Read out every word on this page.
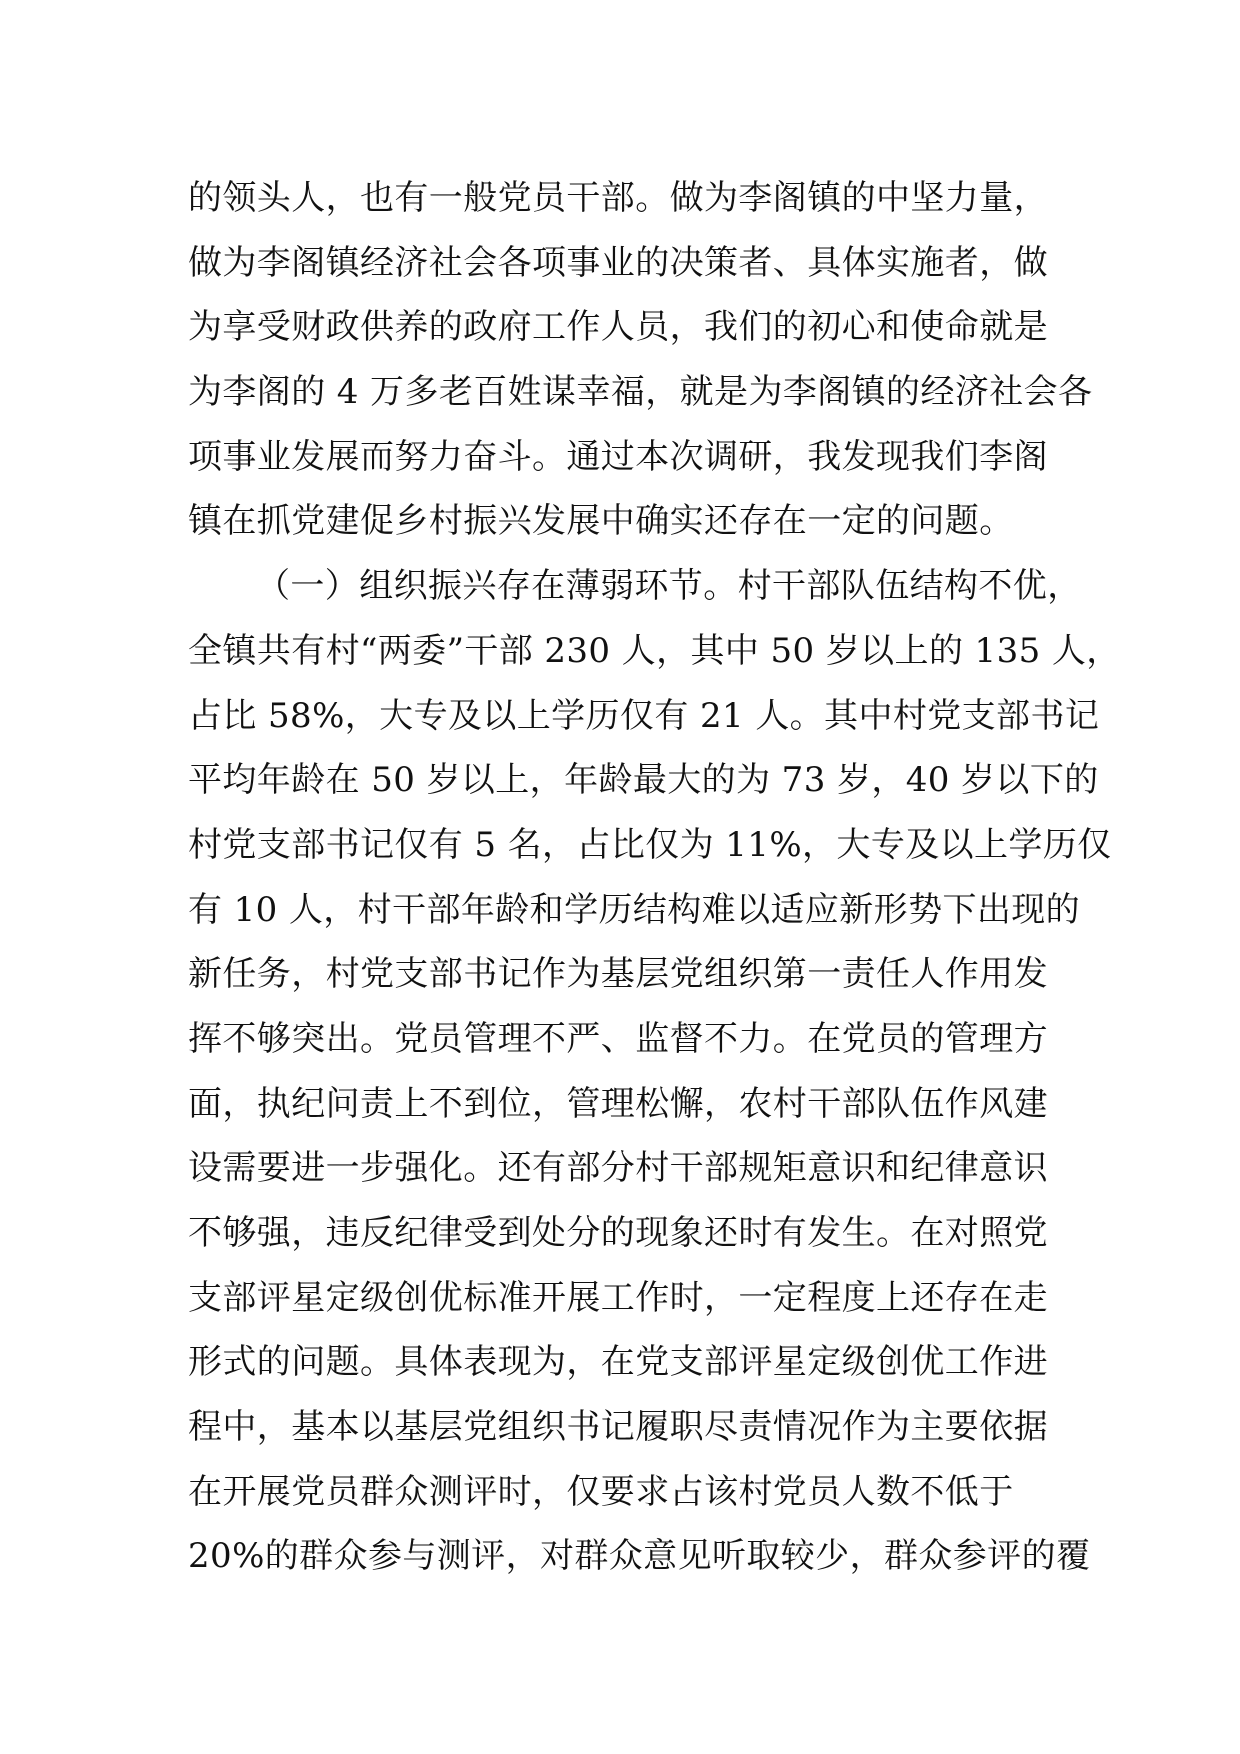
的领头人，也有一般党员干部。做为李阁镇的中坚力量，
做为李阁镇经济社会各项事业的决策者、具体实施者，做
为享受财政供养的政府工作人员，我们的初心和使命就是
为李阁的 4 万多老百姓谋幸福，就是为李阁镇的经济社会各
项事业发展而努力奋斗。通过本次调研，我发现我们李阁
镇在抓党建促乡村振兴发展中确实还存在一定的问题。
（一）组织振兴存在薄弱环节。村干部队伍结构不优，
全镇共有村“两委”干部 230 人，其中 50 岁以上的 135 人，
占比 58%，大专及以上学历仅有 21 人。其中村党支部书记
平均年龄在 50 岁以上，年龄最大的为 73 岁，40 岁以下的
村党支部书记仅有 5 名，占比仅为 11%，大专及以上学历仅
有 10 人，村干部年龄和学历结构难以适应新形势下出现的
新任务，村党支部书记作为基层党组织第一责任人作用发
挥不够突出。党员管理不严、监督不力。在党员的管理方
面，执纪问责上不到位，管理松懈，农村干部队伍作风建
设需要进一步强化。还有部分村干部规矩意识和纪律意识
不够强，违反纪律受到处分的现象还时有发生。在对照党
支部评星定级创优标准开展工作时，一定程度上还存在走
形式的问题。具体表现为，在党支部评星定级创优工作进
程中，基本以基层党组织书记履职尽责情况作为主要依据
在开展党员群众测评时，仅要求占该村党员人数不低于
20%的群众参与测评，对群众意见听取较少，群众参评的覆
